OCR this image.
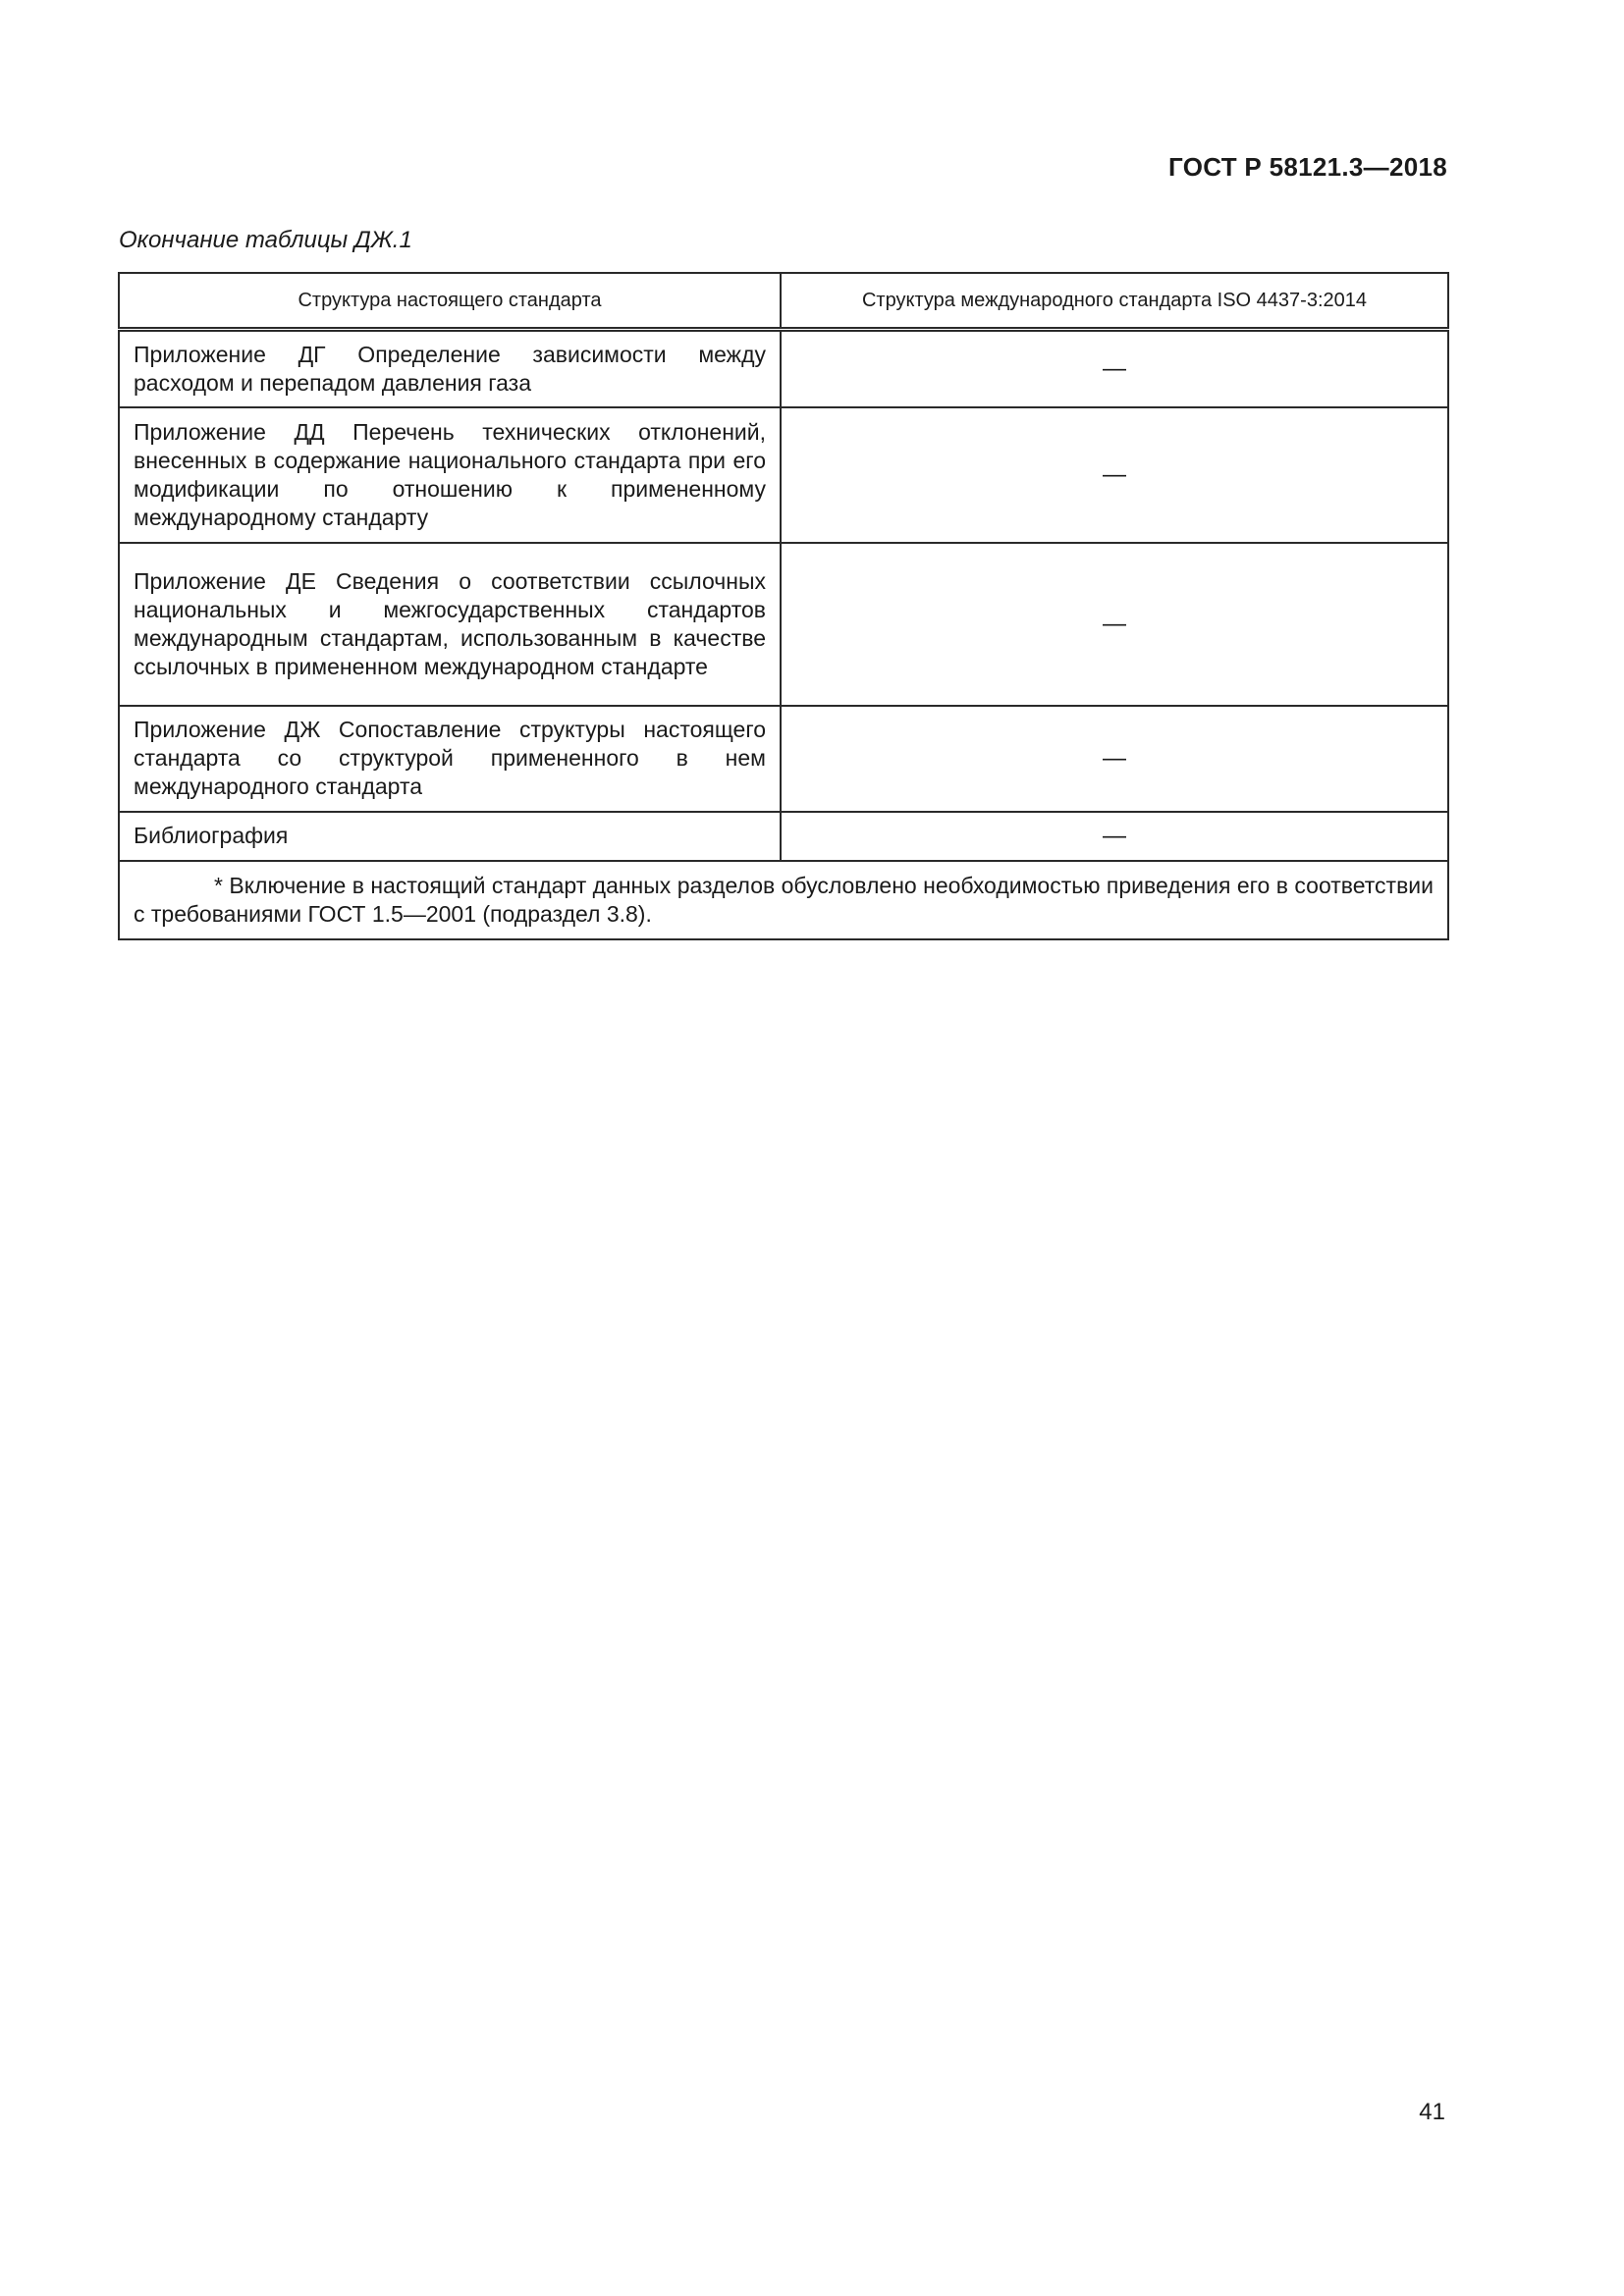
ГОСТ Р 58121.3—2018
Окончание таблицы ДЖ.1
Структура настоящего стандарта	Структура международного стандарта ISO 4437-3:2014
Приложение ДГ Определение зависимости между расходом и перепадом давления газа	—
Приложение ДД Перечень технических отклонений, внесенных в содержание национального стандарта при его модификации по отношению к примененному международному стандарту	—
Приложение ДЕ Сведения о соответствии ссылочных национальных и межгосударственных стандартов международным стандартам, использованным в качестве ссылочных в примененном международном стандарте	—
Приложение ДЖ Сопоставление структуры настоящего стандарта со структурой примененного в нем международного стандарта	—
Библиография	—

* Включение в настоящий стандарт данных разделов обусловлено необходимостью приведения его в соответствии с требованиями ГОСТ 1.5—2001 (подраздел 3.8).	
41
